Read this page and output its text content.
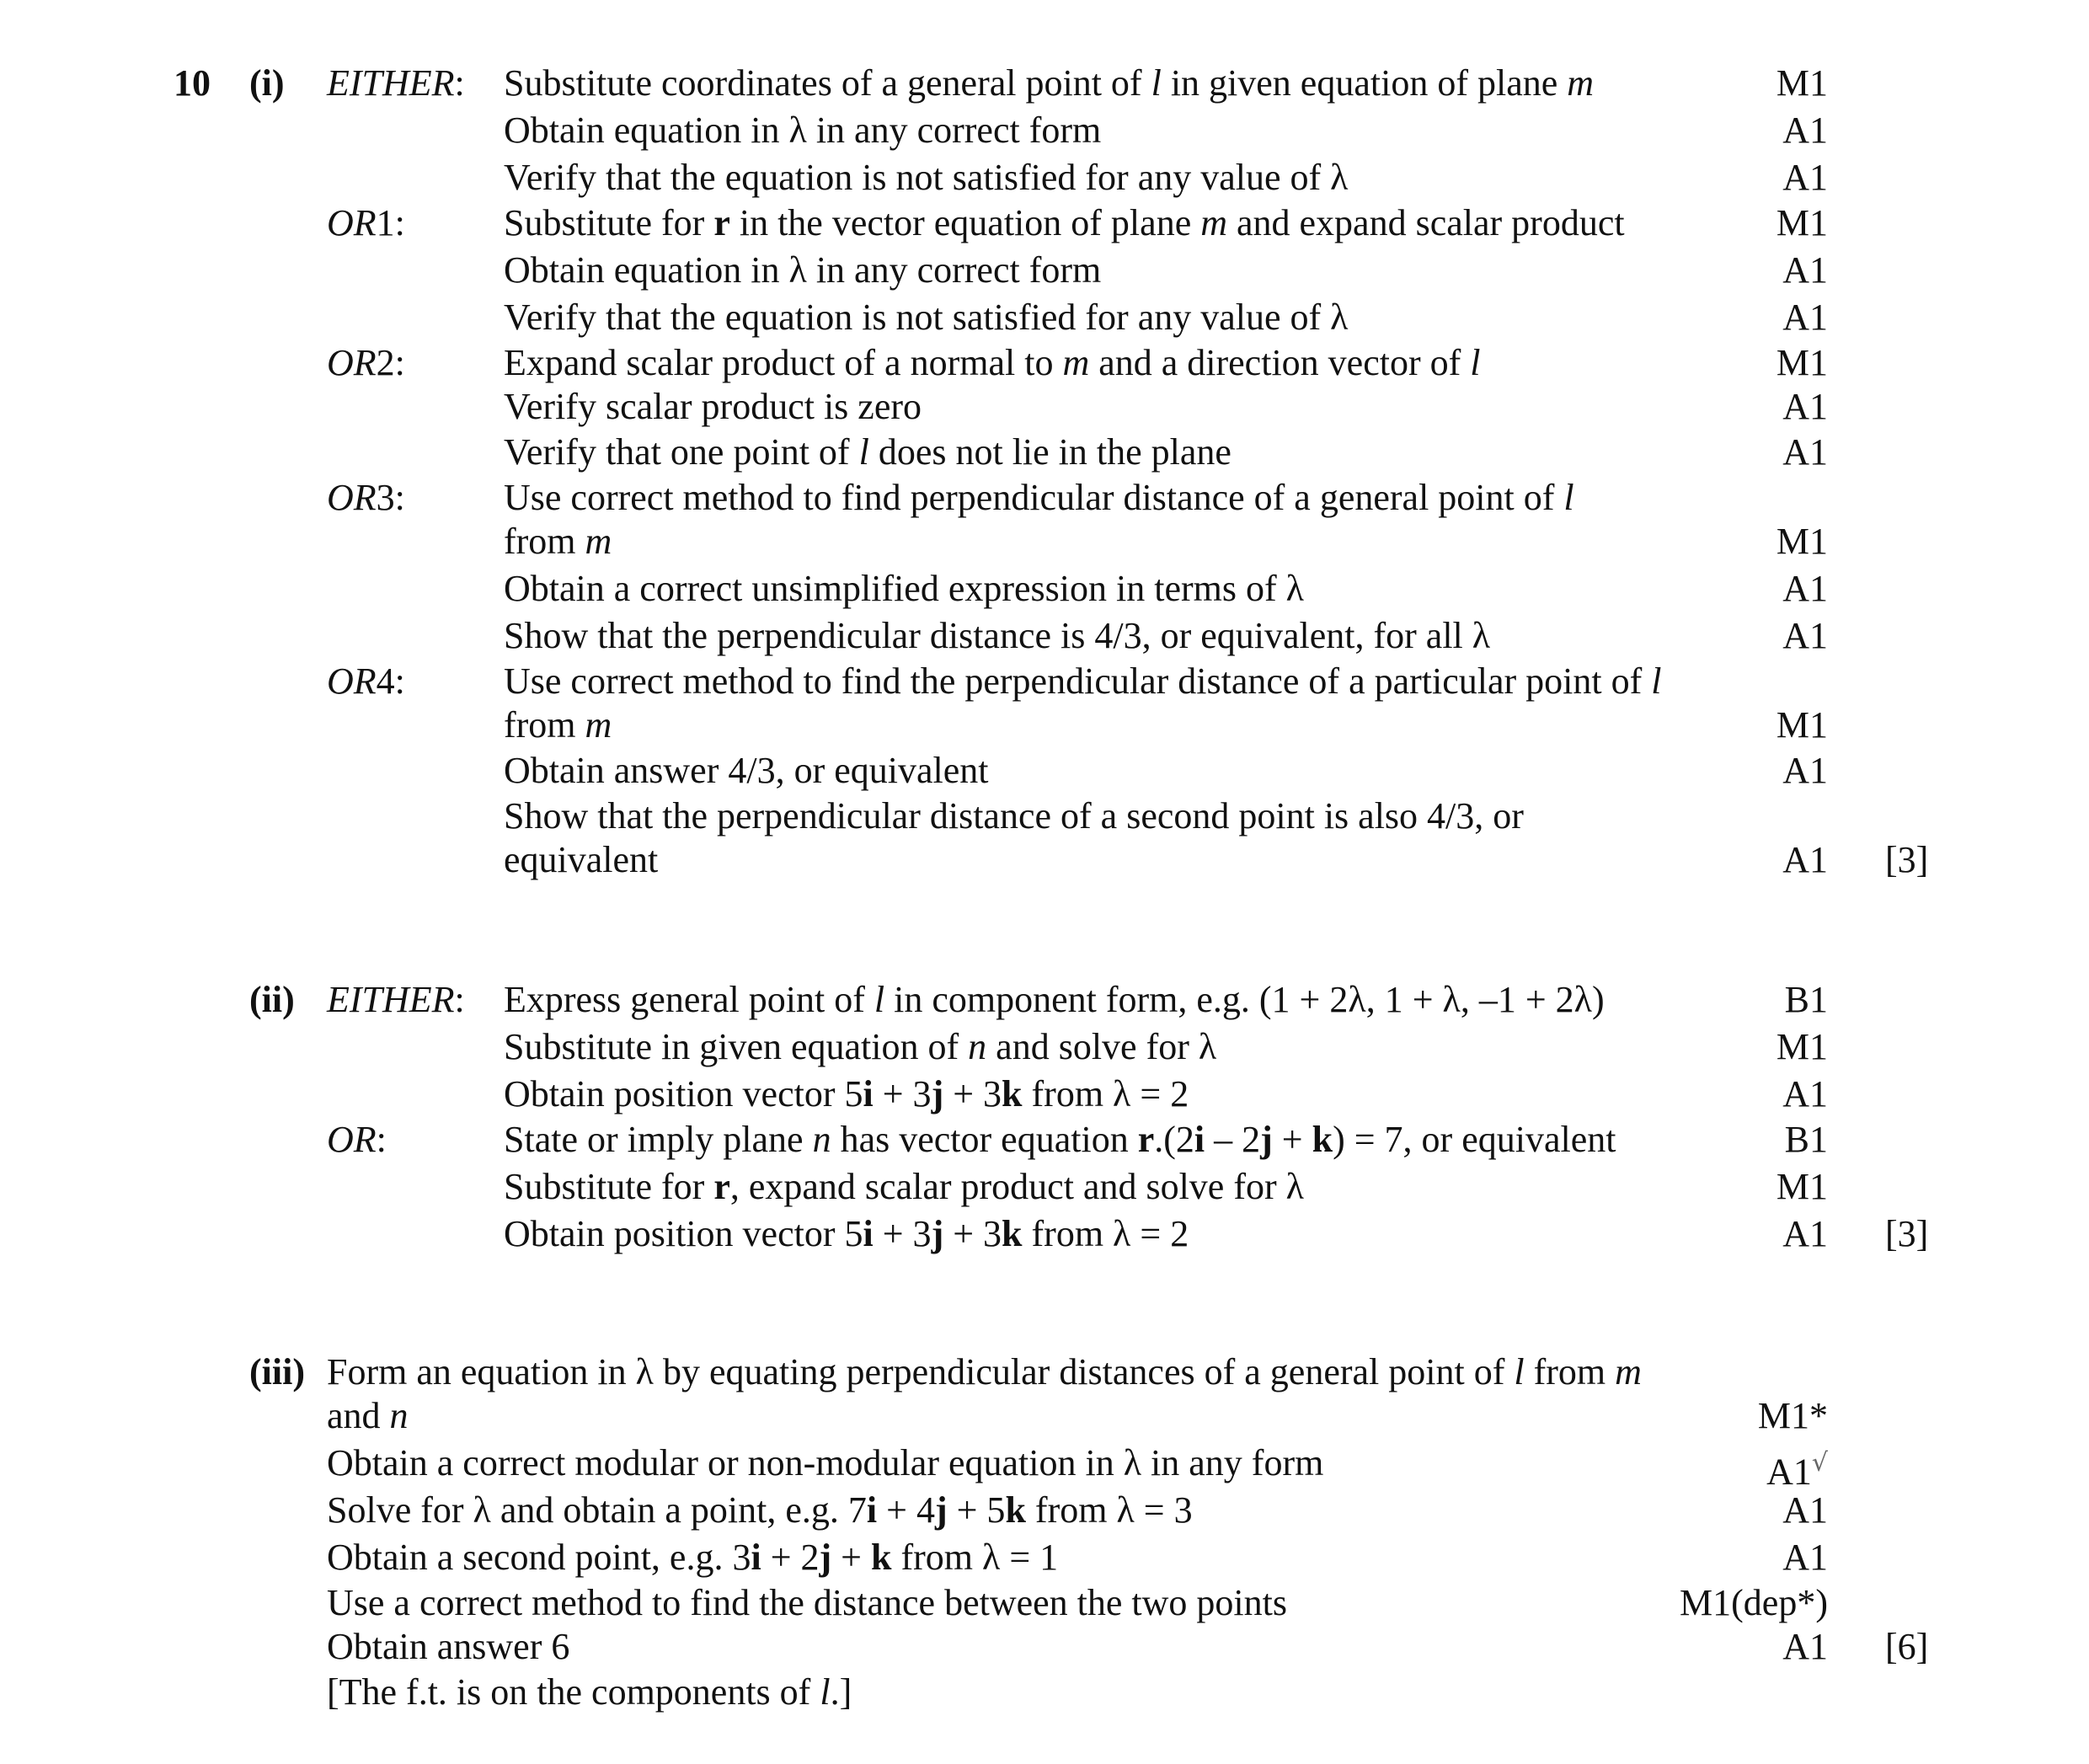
10 (i) EITHER: Substitute coordinates of a general point of l in given equation of plane m	M1
Obtain equation in λ in any correct form	A1
Verify that the equation is not satisfied for any value of λ	A1
OR1:	Substitute for r in the vector equation of plane m and expand scalar product	M1
Obtain equation in λ in any correct form	A1
Verify that the equation is not satisfied for any value of λ	A1
OR2:	Expand scalar product of a normal to m and a direction vector of l	M1
Verify scalar product is zero	A1
Verify that one point of l does not lie in the plane	A1
OR3:	Use correct method to find perpendicular distance of a general point of l
from m	M1
Obtain a correct unsimplified expression in terms of λ	A1
Show that the perpendicular distance is 4/3, or equivalent, for all λ	A1
OR4:	Use correct method to find the perpendicular distance of a particular point of l
from m	M1
Obtain answer 4/3, or equivalent	A1
Show that the perpendicular distance of a second point is also 4/3, or
equivalent	A1 [3]
(ii) EITHER: Express general point of l in component form, e.g. (1 + 2λ, 1 + λ, –1 + 2λ)	B1
Substitute in given equation of n and solve for λ	M1
Obtain position vector 5i + 3j + 3k from λ = 2	A1
OR:	State or imply plane n has vector equation r.(2i – 2j + k) = 7, or equivalent	B1
Substitute for r, expand scalar product and solve for λ	M1
Obtain position vector 5i + 3j + 3k from λ = 2	A1 [3]
(iii) Form an equation in λ by equating perpendicular distances of a general point of l from m
and n	M1*
Obtain a correct modular or non-modular equation in λ in any form	A1√
Solve for λ and obtain a point, e.g. 7i + 4j + 5k from λ = 3	A1
Obtain a second point, e.g. 3i + 2j + k from λ = 1	A1
Use a correct method to find the distance between the two points	M1(dep*)
Obtain answer 6	A1 [6]
[The f.t. is on the components of l.]
